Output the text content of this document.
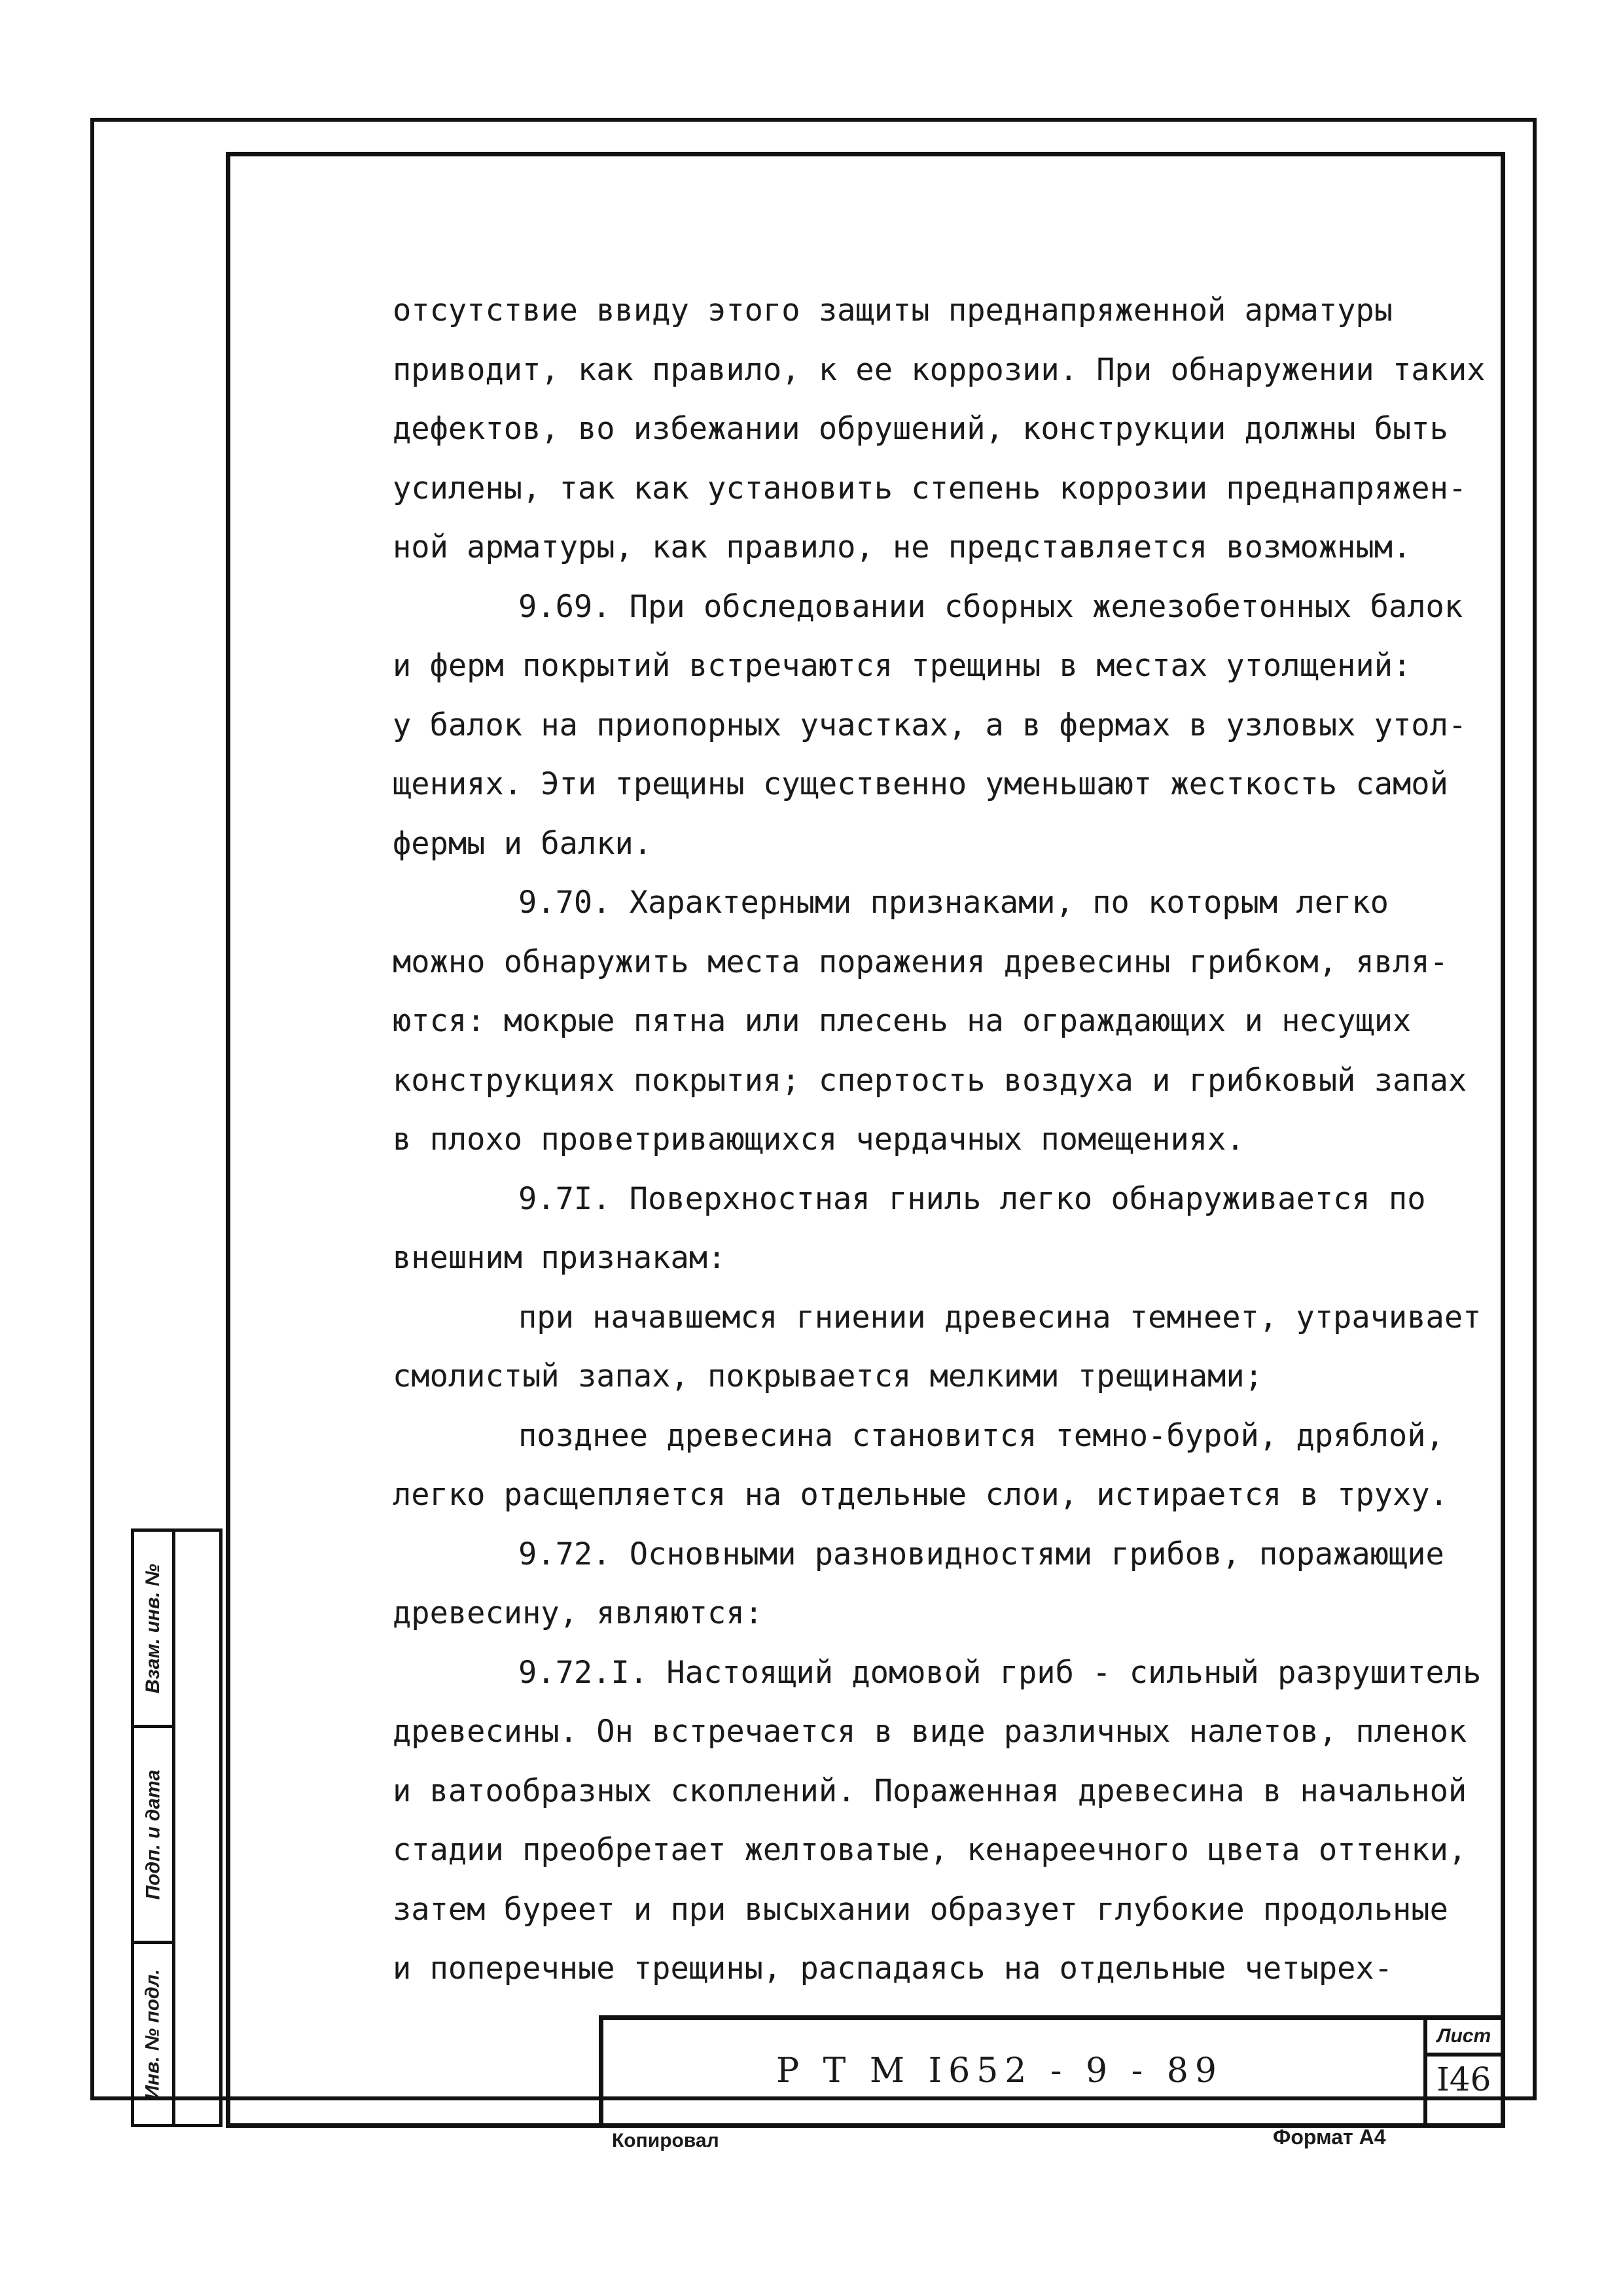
отсутствие ввиду этого защиты преднапряженной арматуры

приводит, как правило, к ее коррозии. При обнаружении таких

дефектов, во избежании обрушений, конструкции должны быть

усилены, так как установить степень коррозии преднапряжен-

ной арматуры, как правило, не представляется возможным.

9.69. При обследовании сборных железобетонных балок

и ферм покрытий встречаются трещины в местах утолщений:

у балок на приопорных участках, а в фермах в узловых утол-

щениях. Эти трещины существенно уменьшают жесткость самой

фермы и балки.

9.70. Характерными признаками, по которым легко

можно обнаружить места поражения древесины грибком, явля-

ются: мокрые пятна или плесень на ограждающих и несущих

конструкциях покрытия; спертость воздуха и грибковый запах

в плохо проветривающихся чердачных помещениях.

9.7I. Поверхностная гниль легко обнаруживается по

внешним признакам:

при начавшемся гниении древесина темнеет, утрачивает

смолистый запах, покрывается мелкими трещинами;

позднее древесина становится темно-бурой, дряблой,

легко расщепляется на отдельные слои, истирается в труху.

9.72. Основными разновидностями грибов, поражающие

древесину, являются:

9.72.I. Настоящий домовой гриб - сильный разрушитель

древесины. Он встречается в виде различных налетов, пленок

и ватообразных скоплений. Пораженная древесина в начальной

стадии преобретает желтоватые, кенареечного цвета оттенки,

затем буреет и при высыхании образует глубокие продольные

и поперечные трещины, распадаясь на отдельные четырех-

Взам. инв. №
Подп. и дата
Инв. № подл.	Р Т М I652 - 9 - 89
Лист
I46
Копировал	Формат А4
